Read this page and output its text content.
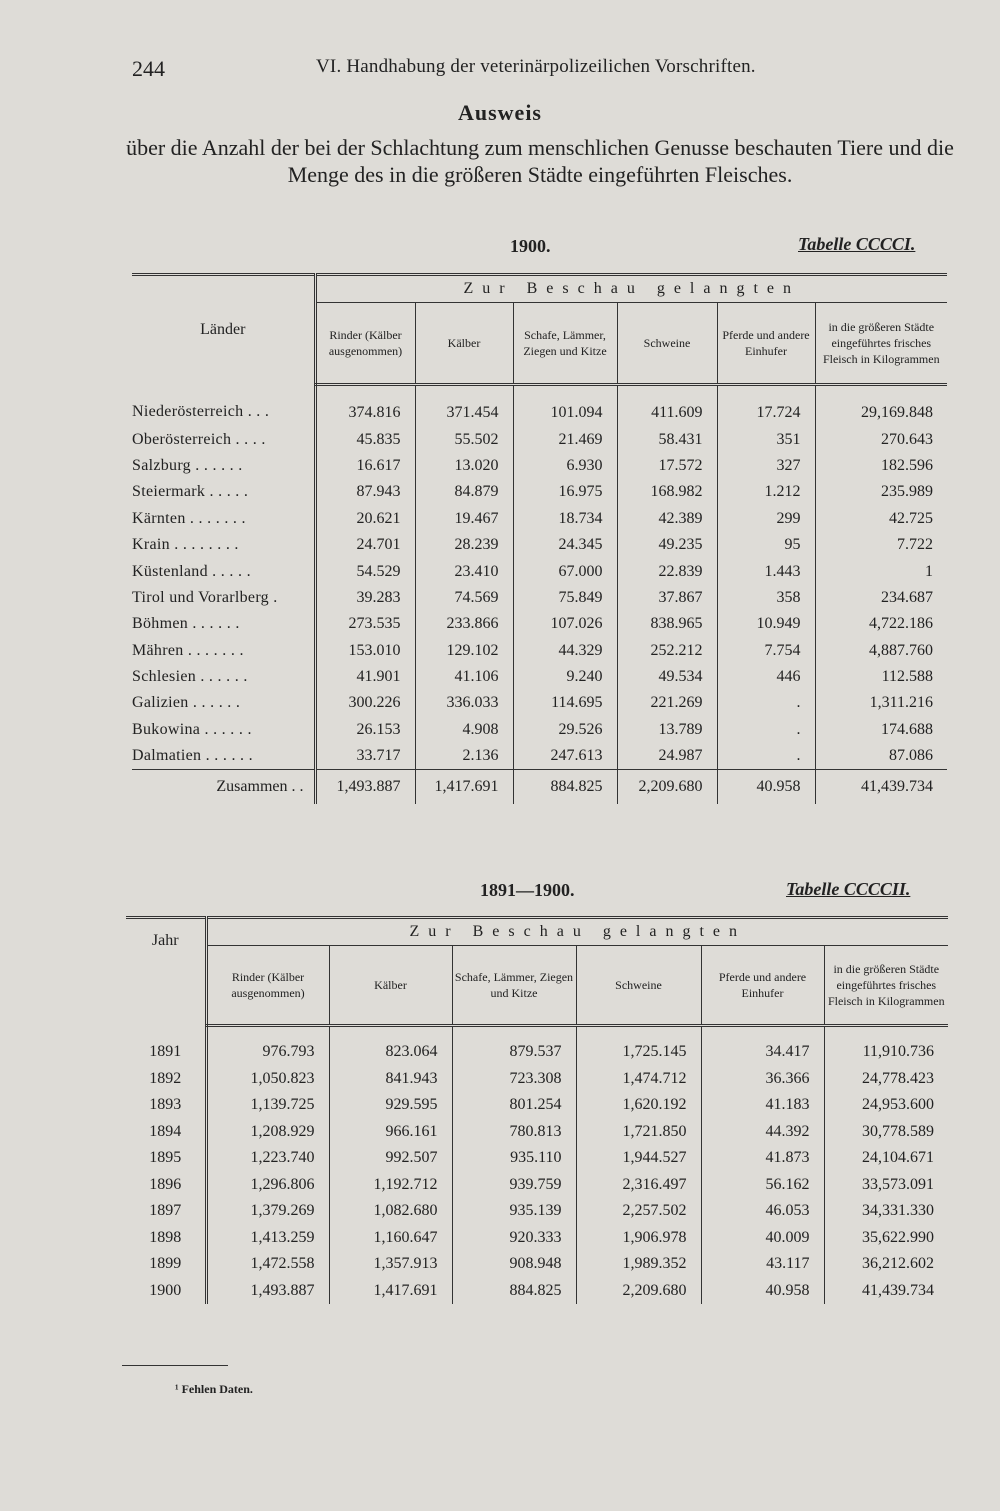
244	VI. Handhabung der veterinärpolizeilichen Vorschriften.
Ausweis
über die Anzahl der bei der Schlachtung zum menschlichen Genusse beschauten Tiere und die Menge des in die größeren Städte eingeführten Fleisches.
1900.	Tabelle CCCCI.
Länder	Zur Beschau gelangten					
	Rinder (Kälber ausgenommen)	Kälber	Schafe, Lämmer, Ziegen und Kitze	Schweine	Pferde und andere Einhufer	in die größeren Städte eingeführtes frisches Fleisch in Kilogrammen
Niederösterreich . . .	374.816	371.454	101.094	411.609	17.724	29,169.848
Oberösterreich . . . .	45.835	55.502	21.469	58.431	351	270.643
Salzburg . . . . . .	16.617	13.020	6.930	17.572	327	182.596
Steiermark . . . . .	87.943	84.879	16.975	168.982	1.212	235.989
Kärnten . . . . . . .	20.621	19.467	18.734	42.389	299	42.725
Krain . . . . . . . .	24.701	28.239	24.345	49.235	95	7.722
Küstenland . . . . .	54.529	23.410	67.000	22.839	1.443	1
Tirol und Vorarlberg .	39.283	74.569	75.849	37.867	358	234.687
Böhmen . . . . . .	273.535	233.866	107.026	838.965	10.949	4,722.186
Mähren . . . . . . .	153.010	129.102	44.329	252.212	7.754	4,887.760
Schlesien . . . . . .	41.901	41.106	9.240	49.534	446	112.588
Galizien . . . . . .	300.226	336.033	114.695	221.269	.	1,311.216
Bukowina . . . . . .	26.153	4.908	29.526	13.789	.	174.688
Dalmatien . . . . . .	33.717	2.136	247.613	24.987	.	87.086
Zusammen . .	1,493.887	1,417.691	884.825	2,209.680	40.958	41,439.734
1891—1900.	Tabelle CCCCII.
Jahr	Zur Beschau gelangten					
	Rinder (Kälber ausgenommen)	Kälber	Schafe, Lämmer, Ziegen und Kitze	Schweine	Pferde und andere Einhufer	in die größeren Städte eingeführtes frisches Fleisch in Kilogrammen
1891	976.793	823.064	879.537	1,725.145	34.417	11,910.736
1892	1,050.823	841.943	723.308	1,474.712	36.366	24,778.423
1893	1,139.725	929.595	801.254	1,620.192	41.183	24,953.600
1894	1,208.929	966.161	780.813	1,721.850	44.392	30,778.589
1895	1,223.740	992.507	935.110	1,944.527	41.873	24,104.671
1896	1,296.806	1,192.712	939.759	2,316.497	56.162	33,573.091
1897	1,379.269	1,082.680	935.139	2,257.502	46.053	34,331.330
1898	1,413.259	1,160.647	920.333	1,906.978	40.009	35,622.990
1899	1,472.558	1,357.913	908.948	1,989.352	43.117	36,212.602
1900	1,493.887	1,417.691	884.825	2,209.680	40.958	41,439.734
¹ Fehlen Daten.
